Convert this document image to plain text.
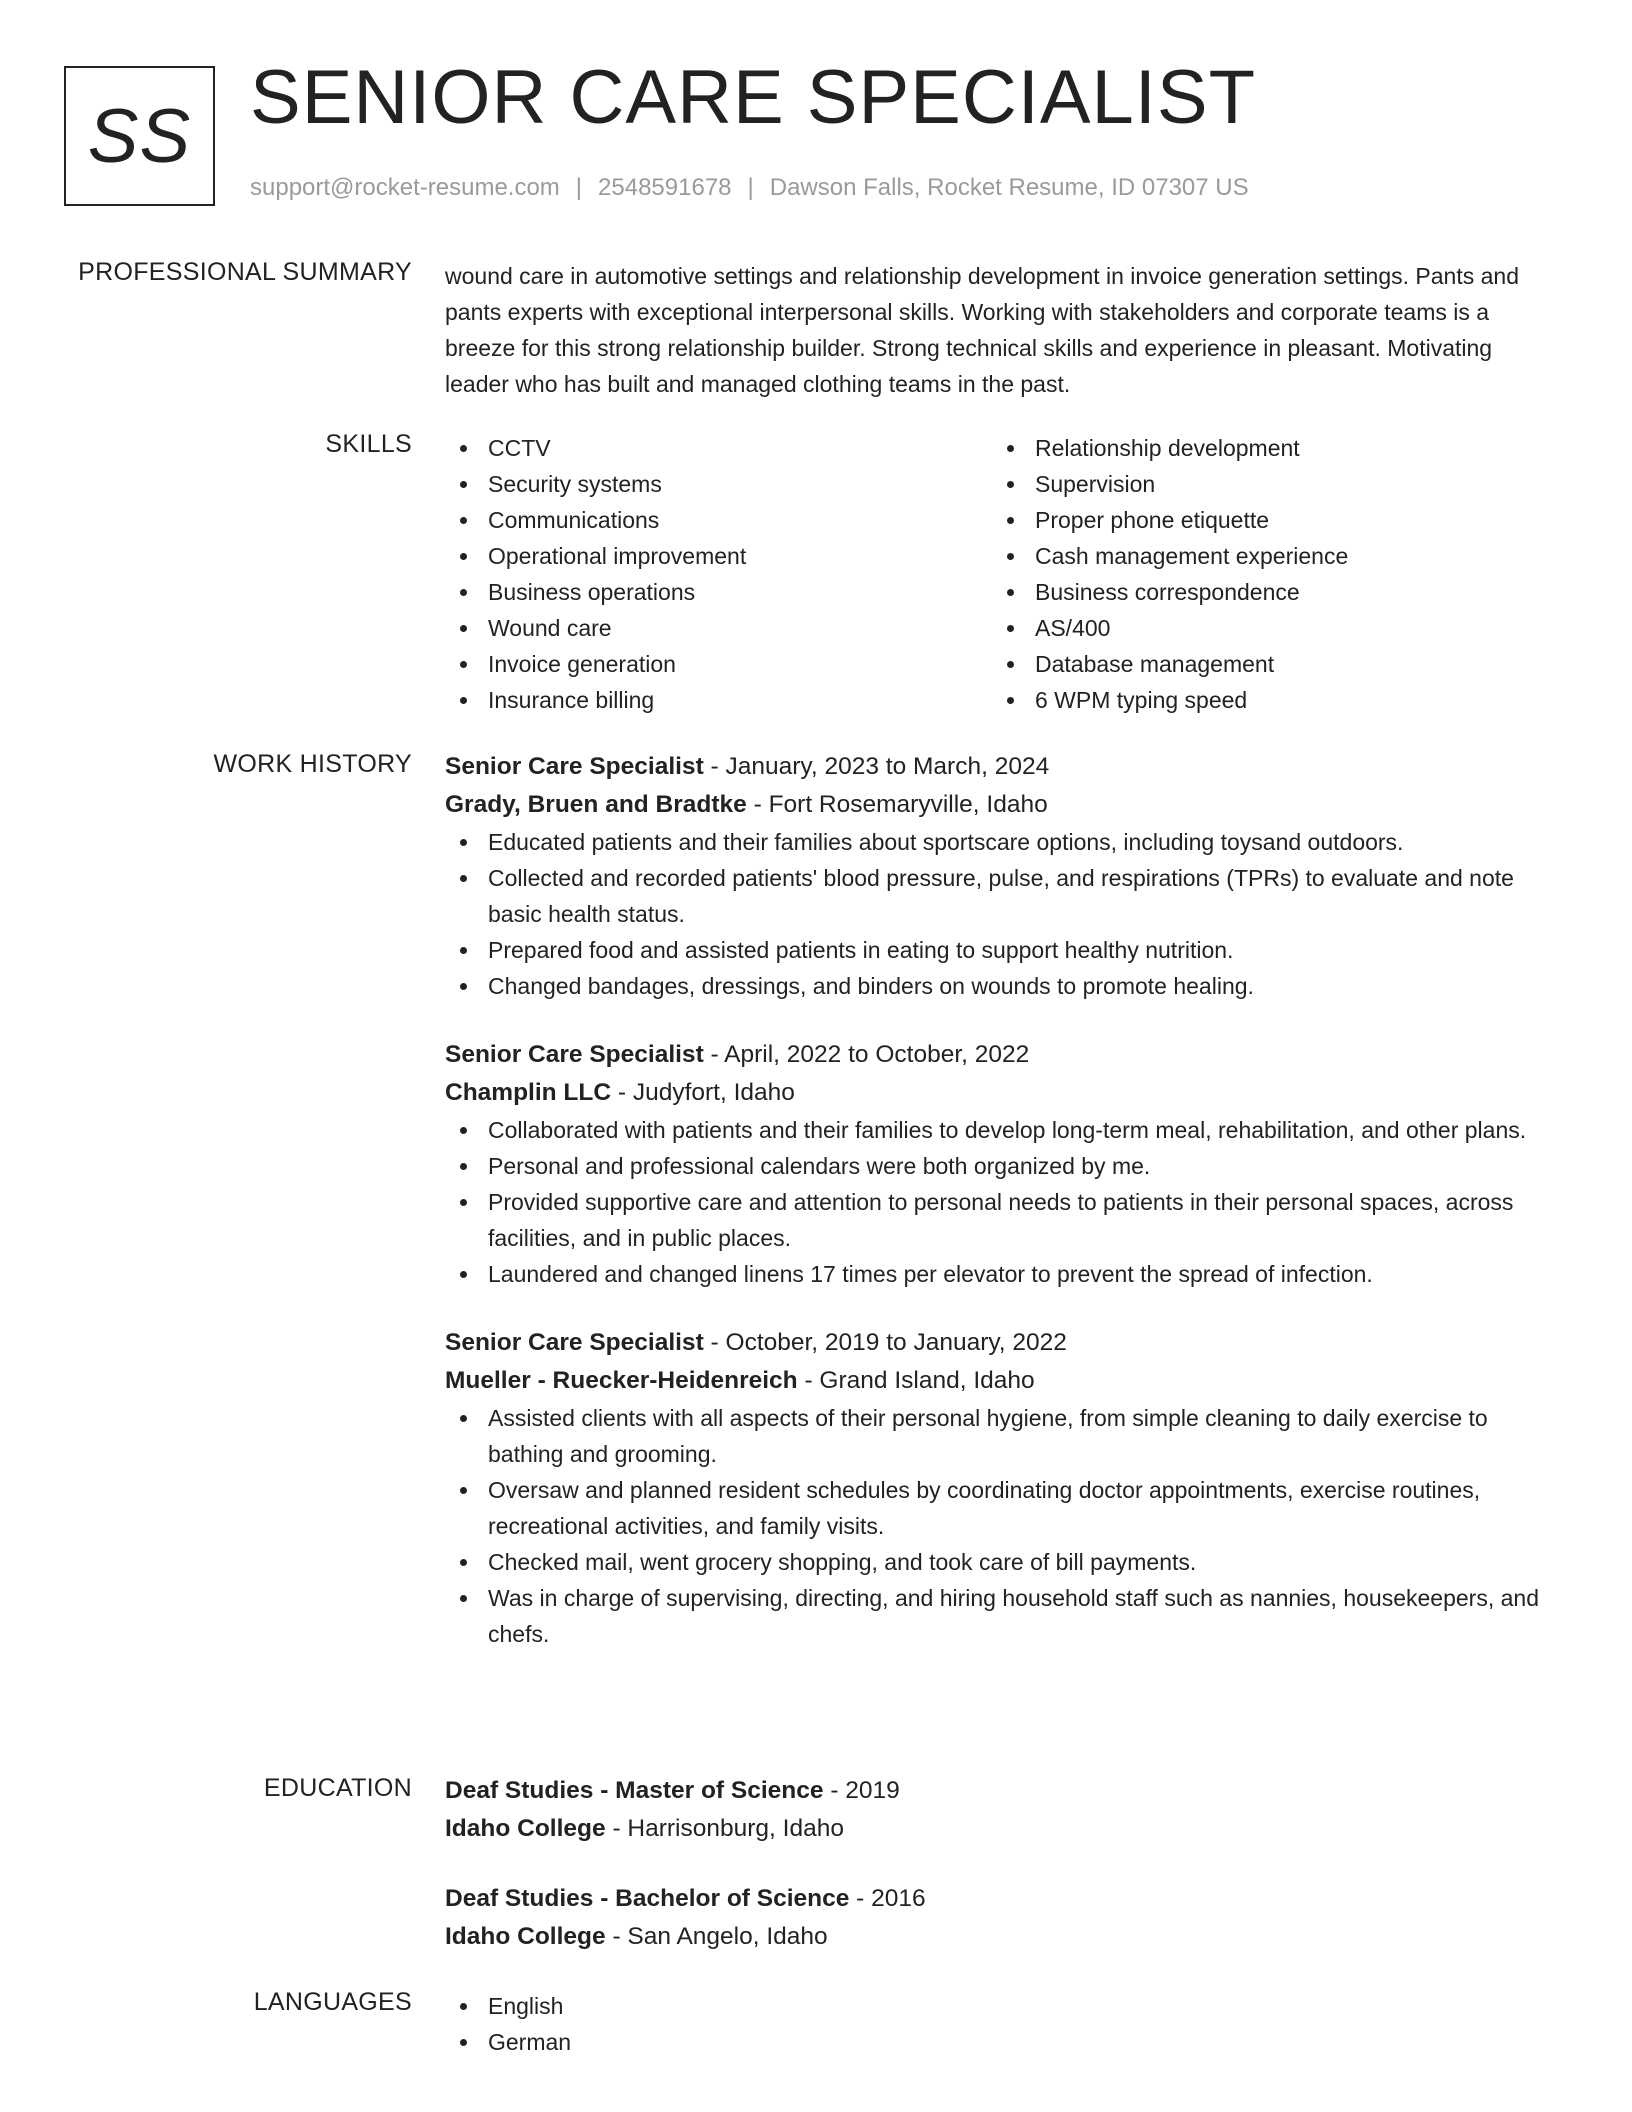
SS SENIOR CARE SPECIALIST
support@rocket-resume.com | 2548591678 | Dawson Falls, Rocket Resume, ID 07307 US
PROFESSIONAL SUMMARY wound care in automotive settings and relationship development in invoice generation settings. Pants and pants experts with exceptional interpersonal skills. Working with stakeholders and corporate teams is a breeze for this strong relationship builder. Strong technical skills and experience in pleasant. Motivating leader who has built and managed clothing teams in the past.
SKILLS	CCTV
Security systems
Communications
Operational improvement
Business operations
Wound care
Invoice generation
Insurance billing
Relationship development
Supervision
Proper phone etiquette
Cash management experience
Business correspondence
AS/400
Database management
6 WPM typing speed
WORK HISTORY Senior Care Specialist - January, 2023 to March, 2024
Grady, Bruen and Bradtke - Fort Rosemaryville, Idaho
Educated patients and their families about sportscare options, including toysand outdoors.
Collected and recorded patients' blood pressure, pulse, and respirations (TPRs) to evaluate and note basic health status.
Prepared food and assisted patients in eating to support healthy nutrition.
Changed bandages, dressings, and binders on wounds to promote healing.
Senior Care Specialist - April, 2022 to October, 2022
Champlin LLC - Judyfort, Idaho
Collaborated with patients and their families to develop long-term meal, rehabilitation, and other plans.
Personal and professional calendars were both organized by me.
Provided supportive care and attention to personal needs to patients in their personal spaces, across facilities, and in public places.
Laundered and changed linens 17 times per elevator to prevent the spread of infection.
Senior Care Specialist - October, 2019 to January, 2022
Mueller - Ruecker-Heidenreich - Grand Island, Idaho
Assisted clients with all aspects of their personal hygiene, from simple cleaning to daily exercise to bathing and grooming.
Oversaw and planned resident schedules by coordinating doctor appointments, exercise routines, recreational activities, and family visits.
Checked mail, went grocery shopping, and took care of bill payments.
Was in charge of supervising, directing, and hiring household staff such as nannies, housekeepers, and chefs.
EDUCATION Deaf Studies - Master of Science - 2019
Idaho College - Harrisonburg, Idaho
Deaf Studies - Bachelor of Science - 2016
Idaho College - San Angelo, Idaho
LANGUAGES	English
German
